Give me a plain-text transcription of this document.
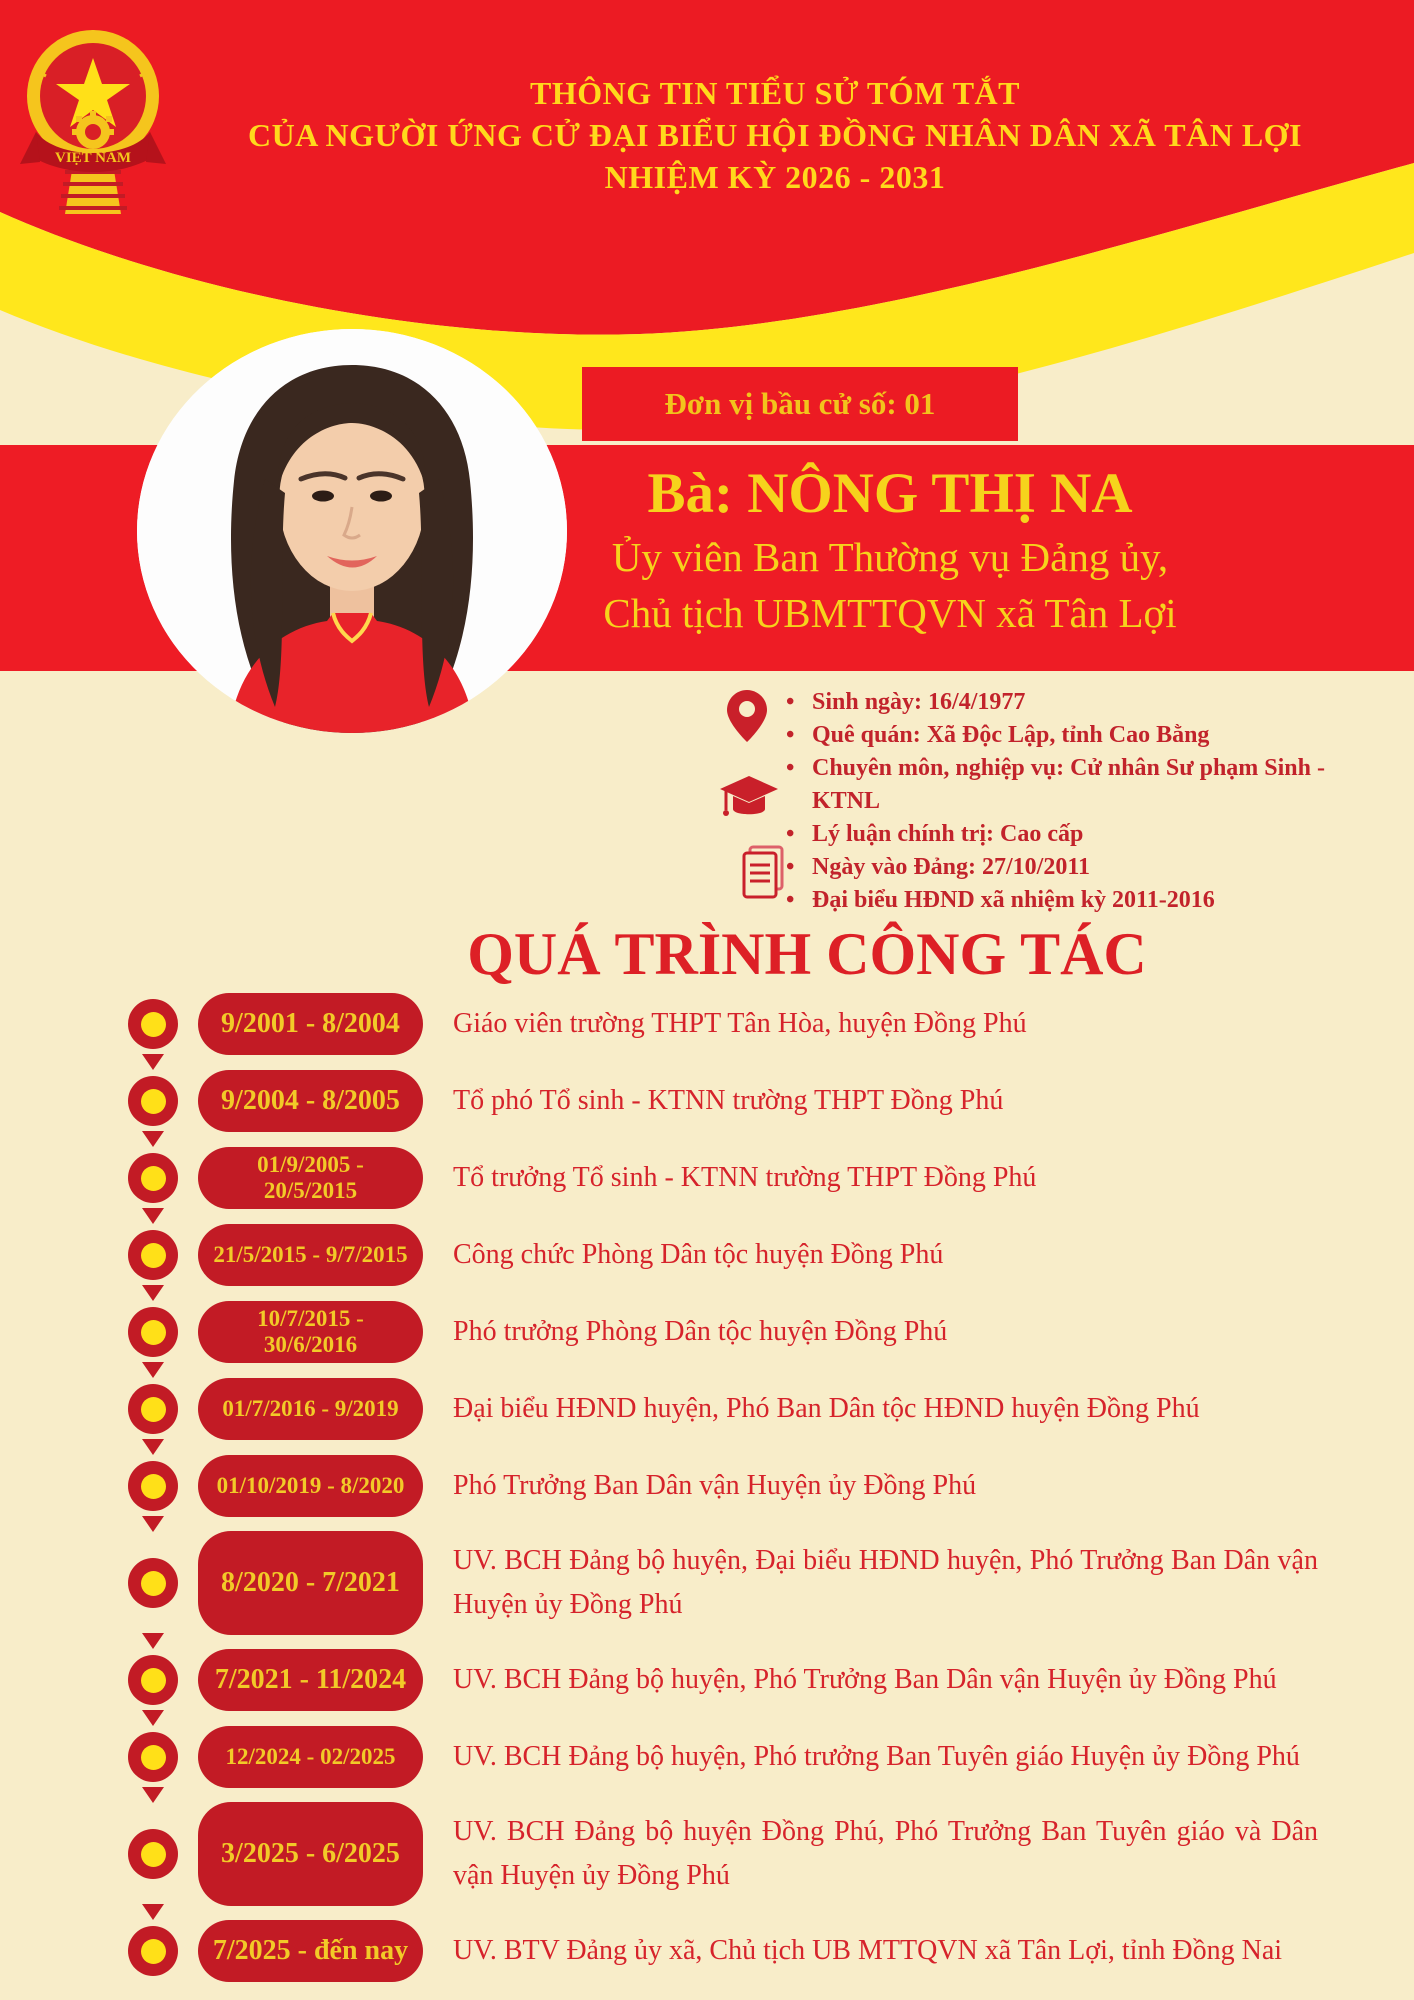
VIỆT NAM
THÔNG TIN TIỂU SỬ TÓM TẮT
CỦA NGƯỜI ỨNG CỬ ĐẠI BIỂU HỘI ĐỒNG NHÂN DÂN XÃ TÂN LỢI
NHIỆM KỲ 2026 - 2031
Đơn vị bầu cử số: 01
Bà: NÔNG THỊ NA
Ủy viên Ban Thường vụ Đảng ủy,
Chủ tịch UBMTTQVN xã Tân Lợi
• Sinh ngày: 16/4/1977
• Quê quán: Xã Độc Lập, tỉnh Cao Bằng
• Chuyên môn, nghiệp vụ: Cử nhân Sư phạm Sinh - KTNL
• Lý luận chính trị: Cao cấp
• Ngày vào Đảng: 27/10/2011
• Đại biểu HĐND xã nhiệm kỳ 2011-2016
QUÁ TRÌNH CÔNG TÁC
9/2001 - 8/2004 Giáo viên trường THPT Tân Hòa, huyện Đồng Phú
9/2004 - 8/2005 Tổ phó Tổ sinh - KTNN trường THPT Đồng Phú
01/9/2005 - 20/5/2015	Tổ trưởng Tổ sinh - KTNN trường THPT Đồng Phú
21/5/2015 - 9/7/2015 Công chức Phòng Dân tộc huyện Đồng Phú
10/7/2015 - 30/6/2016	Phó trưởng Phòng Dân tộc huyện Đồng Phú
01/7/2016 - 9/2019 Đại biểu HĐND huyện, Phó Ban Dân tộc HĐND huyện Đồng Phú
01/10/2019 - 8/2020 Phó Trưởng Ban Dân vận Huyện ủy Đồng Phú
8/2020 - 7/2021
UV. BCH Đảng bộ huyện, Đại biểu HĐND huyện, Phó Trưởng Ban Dân vận Huyện ủy Đồng Phú
7/2021 - 11/2024 UV. BCH Đảng bộ huyện, Phó Trưởng Ban Dân vận Huyện ủy Đồng Phú
12/2024 - 02/2025 UV. BCH Đảng bộ huyện, Phó trưởng Ban Tuyên giáo Huyện ủy Đồng Phú
3/2025 - 6/2025
UV. BCH Đảng bộ huyện Đồng Phú, Phó Trưởng Ban Tuyên giáo và Dân vận Huyện ủy Đồng Phú
7/2025 - đến nay UV. BTV Đảng ủy xã, Chủ tịch UB MTTQVN xã Tân Lợi, tỉnh Đồng Nai
